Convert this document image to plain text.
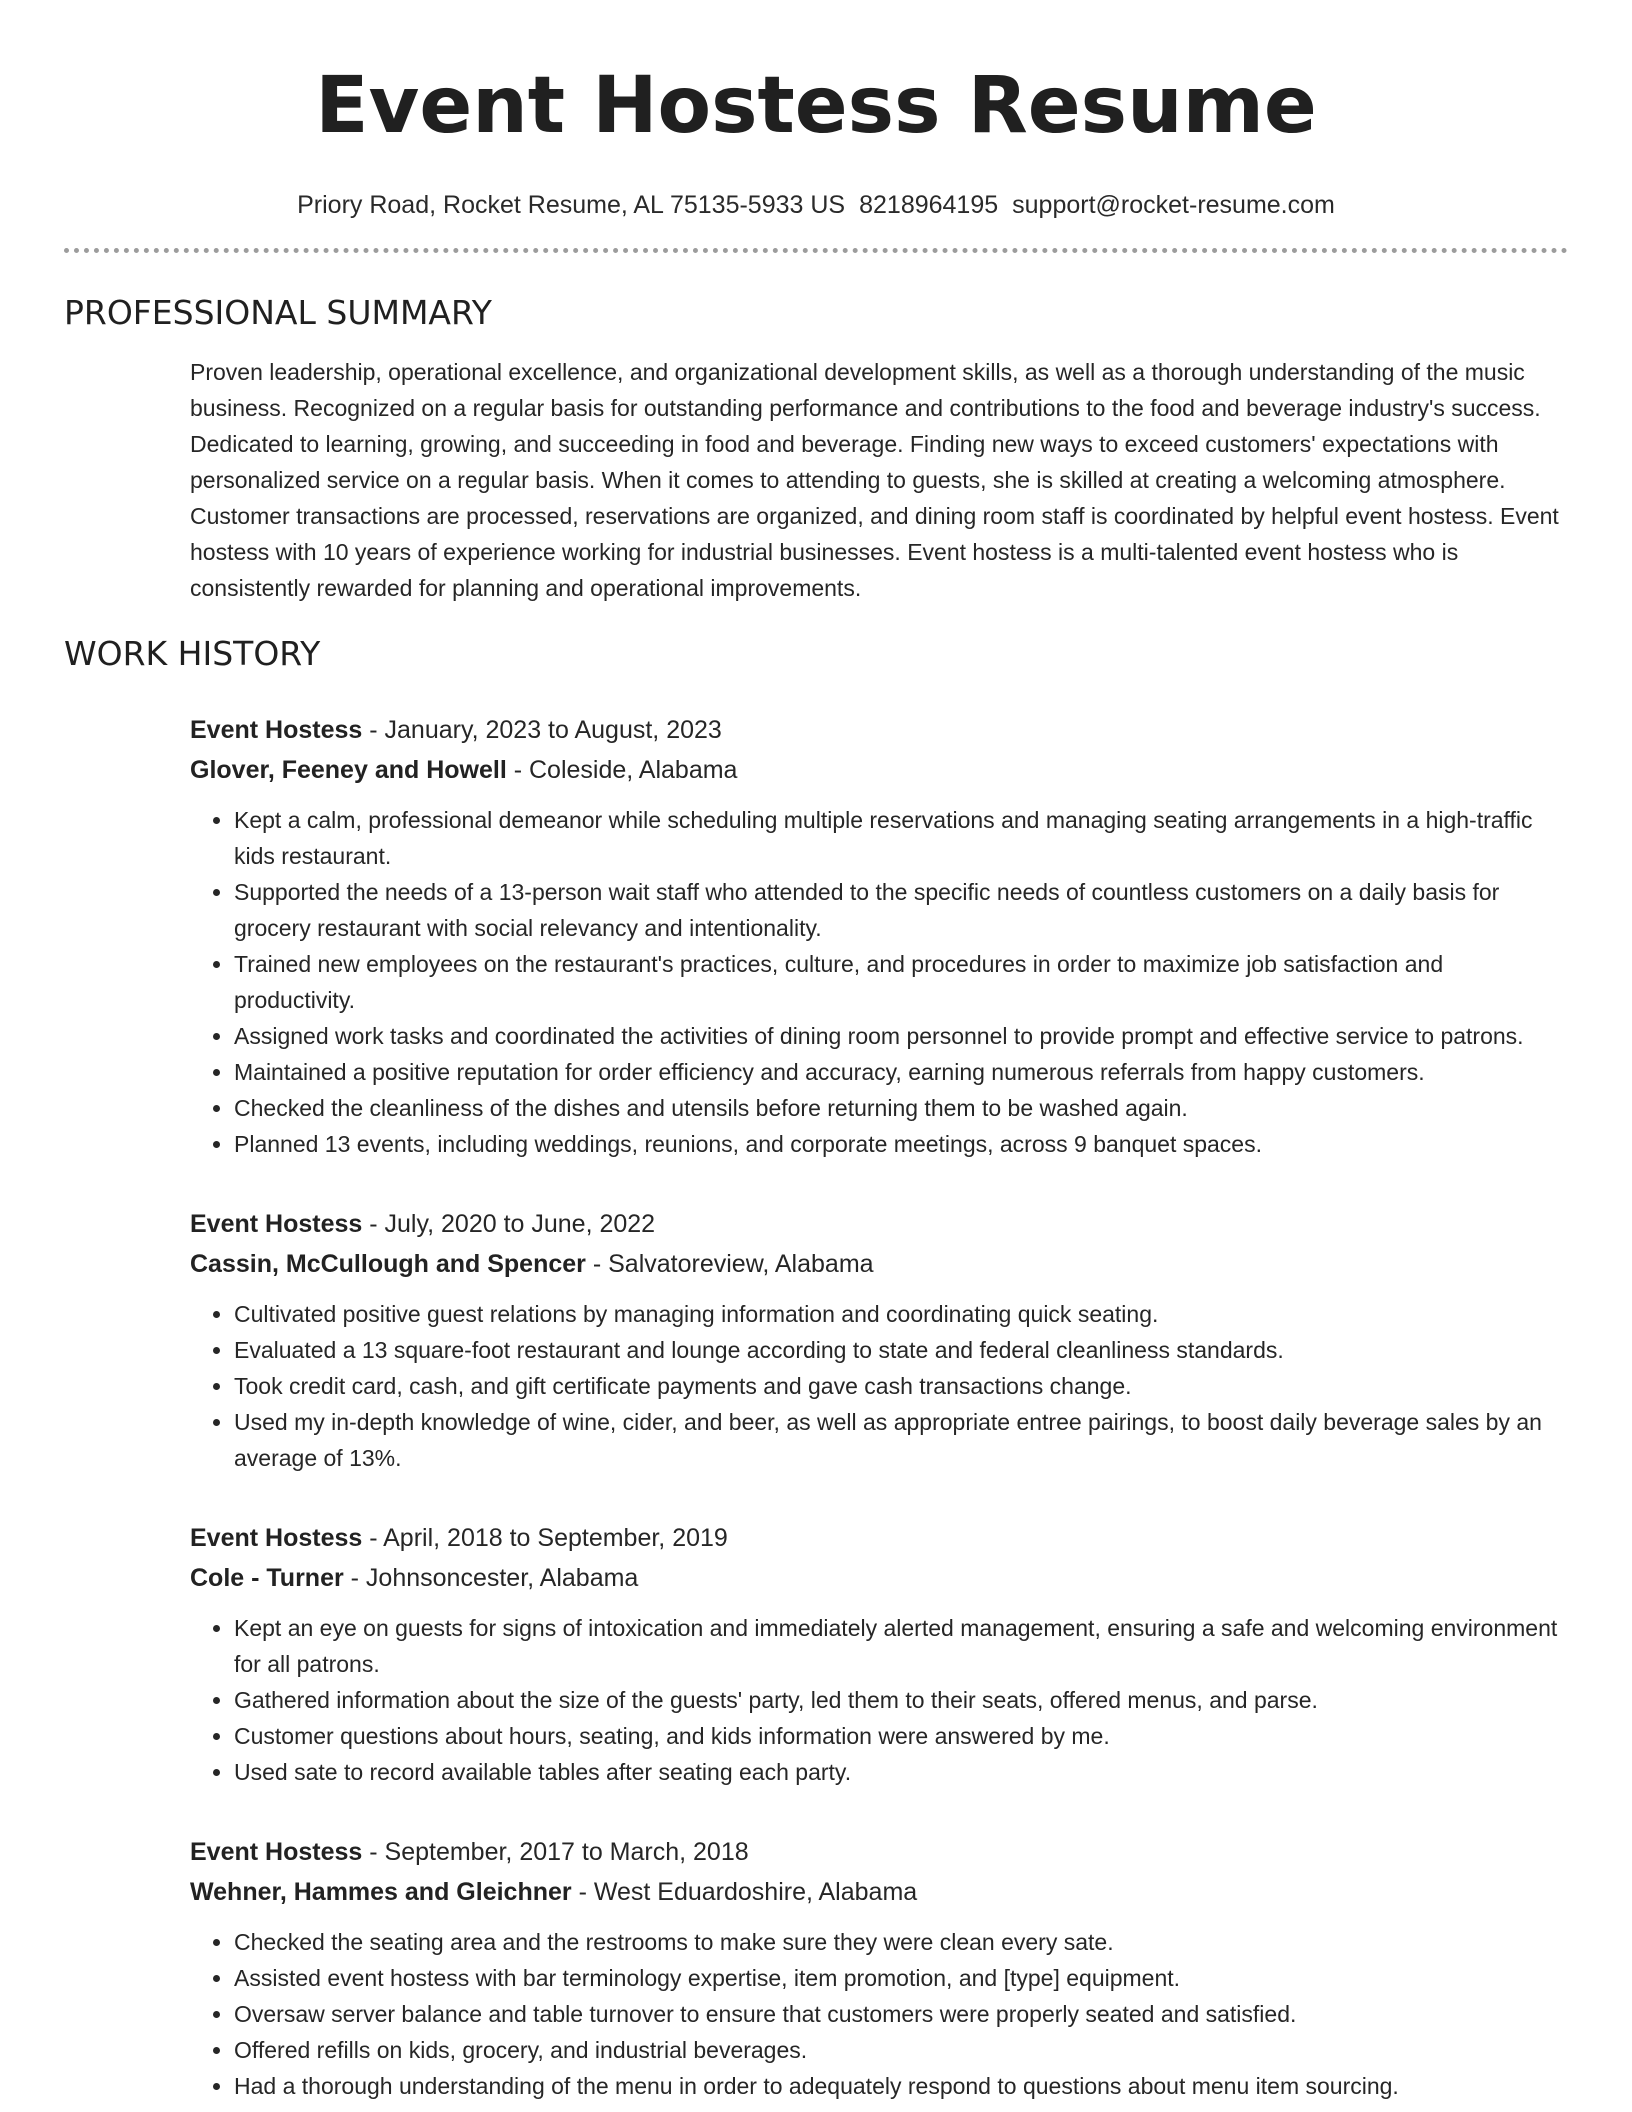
Event Hostess Resume
Priory Road, Rocket Resume, AL 75135-5933 US 8218964195 support@rocket-resume.com
PROFESSIONAL SUMMARY

Proven leadership, operational excellence, and organizational development skills, as well as a thorough understanding of the music business. Recognized on a regular basis for outstanding performance and contributions to the food and beverage industry's success. Dedicated to learning, growing, and succeeding in food and beverage. Finding new ways to exceed customers' expectations with personalized service on a regular basis. When it comes to attending to guests, she is skilled at creating a welcoming atmosphere. Customer transactions are processed, reservations are organized, and dining room staff is coordinated by helpful event hostess. Event hostess with 10 years of experience working for industrial businesses. Event hostess is a multi-talented event hostess who is consistently rewarded for planning and operational improvements.

WORK HISTORY
Event Hostess - January, 2023 to August, 2023
Glover, Feeney and Howell - Coleside, Alabama
• Kept a calm, professional demeanor while scheduling multiple reservations and managing seating arrangements in a high-traffic kids restaurant.
• Supported the needs of a 13-person wait staff who attended to the specific needs of countless customers on a daily basis for grocery restaurant with social relevancy and intentionality.
• Trained new employees on the restaurant's practices, culture, and procedures in order to maximize job satisfaction and productivity.
• Assigned work tasks and coordinated the activities of dining room personnel to provide prompt and effective service to patrons.
• Maintained a positive reputation for order efficiency and accuracy, earning numerous referrals from happy customers.
• Checked the cleanliness of the dishes and utensils before returning them to be washed again.
• Planned 13 events, including weddings, reunions, and corporate meetings, across 9 banquet spaces.
Event Hostess - July, 2020 to June, 2022
Cassin, McCullough and Spencer - Salvatoreview, Alabama
• Cultivated positive guest relations by managing information and coordinating quick seating.
• Evaluated a 13 square-foot restaurant and lounge according to state and federal cleanliness standards.
• Took credit card, cash, and gift certificate payments and gave cash transactions change.
• Used my in-depth knowledge of wine, cider, and beer, as well as appropriate entree pairings, to boost daily beverage sales by an average of 13%.
Event Hostess - April, 2018 to September, 2019
Cole - Turner - Johnsoncester, Alabama
• Kept an eye on guests for signs of intoxication and immediately alerted management, ensuring a safe and welcoming environment for all patrons.
• Gathered information about the size of the guests' party, led them to their seats, offered menus, and parse.
• Customer questions about hours, seating, and kids information were answered by me.
• Used sate to record available tables after seating each party.
Event Hostess - September, 2017 to March, 2018
Wehner, Hammes and Gleichner - West Eduardoshire, Alabama
• Checked the seating area and the restrooms to make sure they were clean every sate.
• Assisted event hostess with bar terminology expertise, item promotion, and [type] equipment.
• Oversaw server balance and table turnover to ensure that customers were properly seated and satisfied.
• Offered refills on kids, grocery, and industrial beverages.
• Had a thorough understanding of the menu in order to adequately respond to questions about menu item sourcing.
